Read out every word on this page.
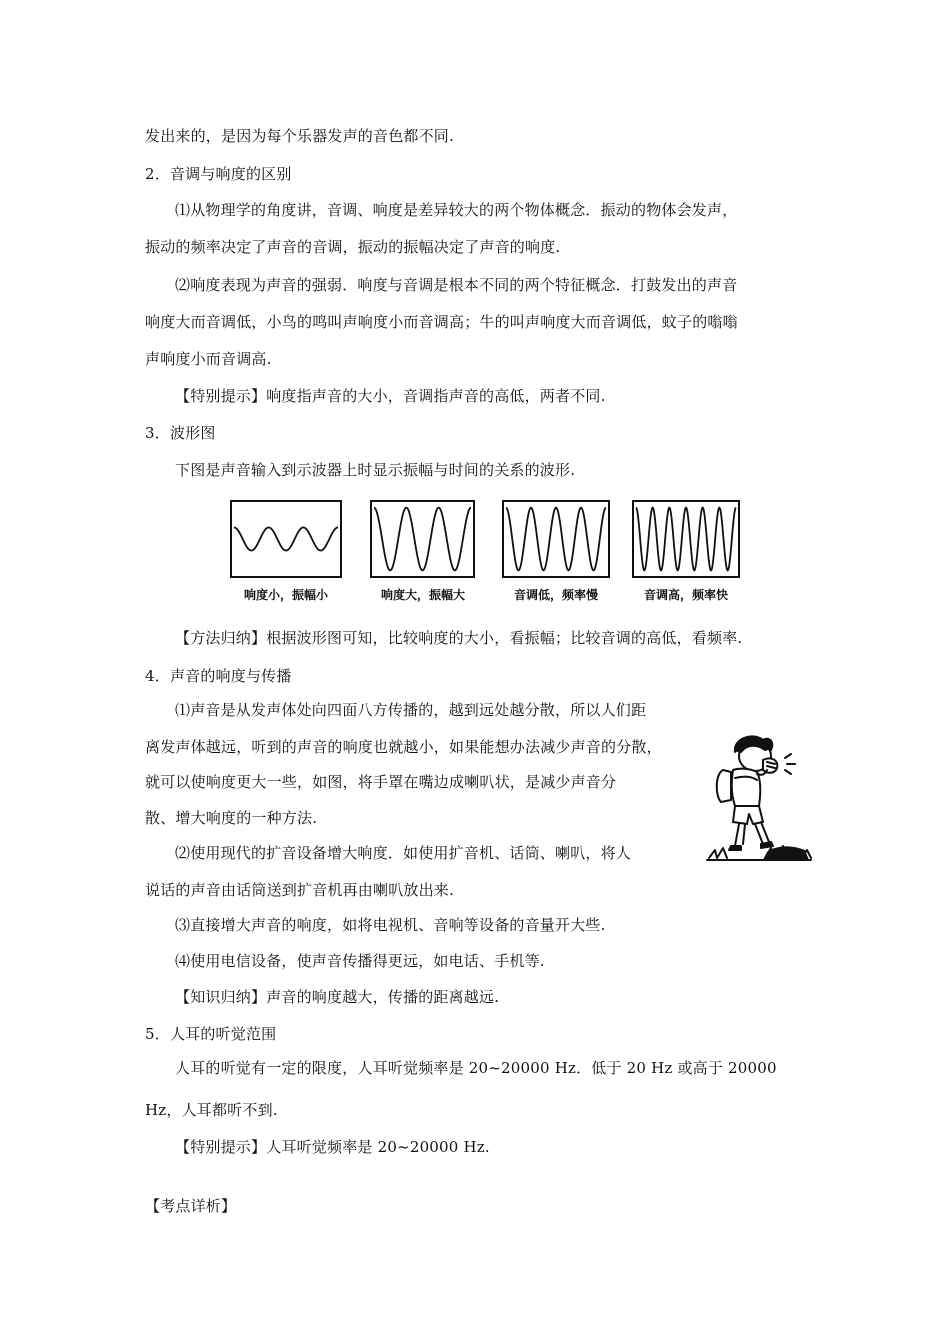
发出来的，是因为每个乐器发声的音色都不同.
2．音调与响度的区别
⑴从物理学的角度讲，音调、响度是差异较大的两个物体概念．振动的物体会发声，
振动的频率决定了声音的音调，振动的振幅决定了声音的响度.
⑵响度表现为声音的强弱．响度与音调是根本不同的两个特征概念．打鼓发出的声音
响度大而音调低，小鸟的鸣叫声响度小而音调高；牛的叫声响度大而音调低，蚊子的嗡嗡
声响度小而音调高.
【特别提示】响度指声音的大小，音调指声音的高低，两者不同.
3．波形图
下图是声音输入到示波器上时显示振幅与时间的关系的波形.
响度小，振幅小	响度大，振幅大	音调低，频率慢	音调高，频率快
【方法归纳】根据波形图可知，比较响度的大小，看振幅；比较音调的高低，看频率.
4．声音的响度与传播
⑴声音是从发声体处向四面八方传播的，越到远处越分散，所以人们距
离发声体越远，听到的声音的响度也就越小，如果能想办法减少声音的分散，
就可以使响度更大一些，如图，将手罩在嘴边成喇叭状，是减少声音分
散、增大响度的一种方法.
⑵使用现代的扩音设备增大响度．如使用扩音机、话筒、喇叭，将人
说话的声音由话筒送到扩音机再由喇叭放出来.
⑶直接增大声音的响度，如将电视机、音响等设备的音量开大些.
⑷使用电信设备，使声音传播得更远，如电话、手机等.
【知识归纳】声音的响度越大，传播的距离越远.
5．人耳的听觉范围
人耳的听觉有一定的限度，人耳听觉频率是 20~20000 Hz．低于 20 Hz 或高于 20000
Hz，人耳都听不到.
【特别提示】人耳听觉频率是 20~20000 Hz.
【考点详析】
